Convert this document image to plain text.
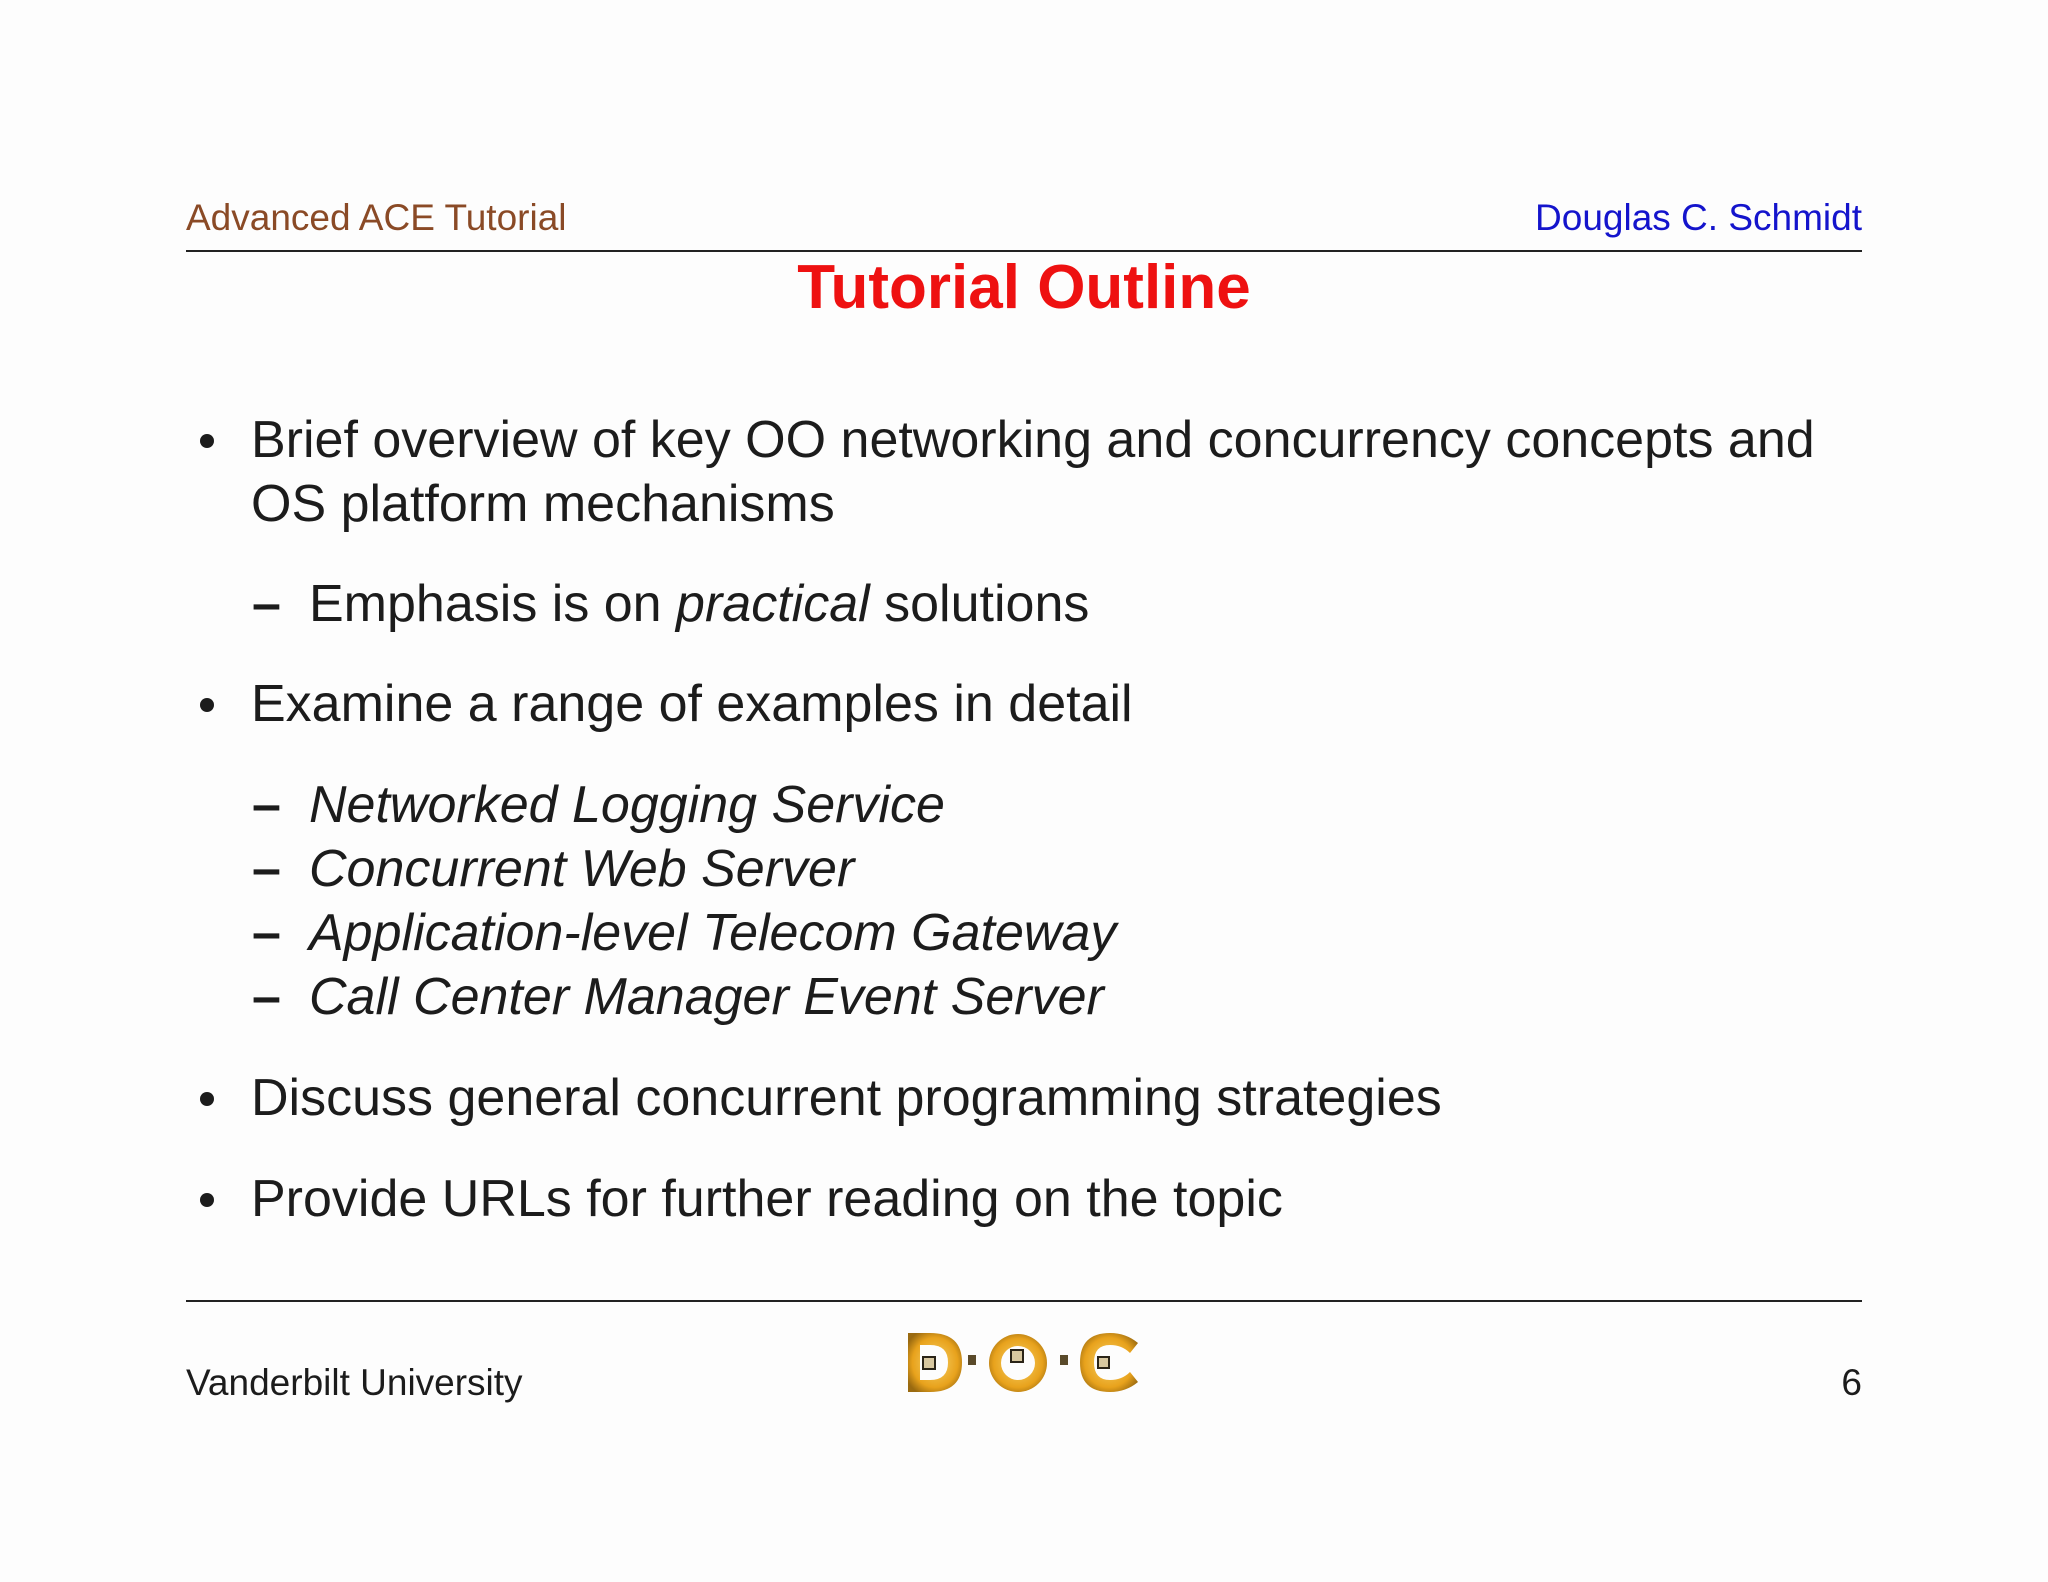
Advanced ACE Tutorial	Douglas C. Schmidt
Tutorial Outline
Brief overview of key OO networking and concurrency concepts and OS platform mechanisms
– Emphasis is on practical solutions
Examine a range of examples in detail
– Networked Logging Service
– Concurrent Web Server
– Application-level Telecom Gateway
– Call Center Manager Event Server
Discuss general concurrent programming strategies
Provide URLs for further reading on the topic
Vanderbilt University	6
